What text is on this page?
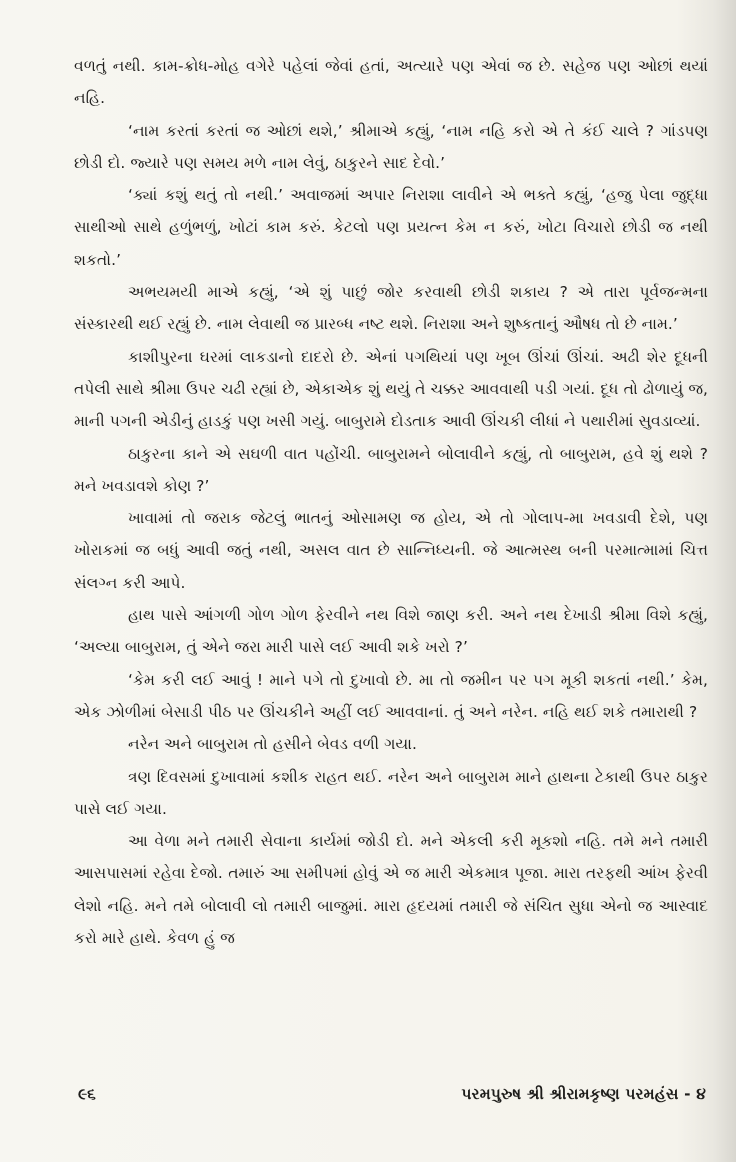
વળતું નથી. કામ-ક્રોધ-મોહ વગેરે પહેલાં જેવાં હતાં, અત્યારે પણ એવાં જ છે. સહેજ પણ ઓછાં થયાં નહિ.

‘નામ કરતાં કરતાં જ ઓછાં થશે,’ શ્રીમાએ કહ્યું, ‘નામ નહિ કરો એ તે કંઈ ચાલે ? ગાંડપણ છોડી દો. જ્યારે પણ સમય મળે નામ લેવું, ઠાકુરને સાદ દેવો.’

‘ક્યાં કશું થતું તો નથી.’ અવાજમાં અપાર નિરાશા લાવીને એ ભક્તે કહ્યું, ‘હજુ પેલા જુદ્ધા સાથીઓ સાથે હળુંભળું, ખોટાં કામ કરું. કેટલો પણ પ્રયત્ન કેમ ન કરું, ખોટા વિચારો છોડી જ નથી શકતો.’

અભયમયી માએ કહ્યું, ‘એ શું પાછું જોર કરવાથી છોડી શકાય ? એ તારા પૂર્વજન્મના સંસ્કારથી થઈ રહ્યું છે. નામ લેવાથી જ પ્રારબ્ધ નષ્ટ થશે. નિરાશા અને શુષ્કતાનું ઔષધ તો છે નામ.’

કાશીપુરના ઘરમાં લાકડાનો દાદરો છે. એનાં પગથિયાં પણ ખૂબ ઊંચાં ઊંચાં. અઢી શેર દૂધની તપેલી સાથે શ્રીમા ઉપર ચઢી રહ્યાં છે, એકાએક શું થયું તે ચક્કર આવવાથી પડી ગયાં. દૂધ તો ઢોળાયું જ, માની પગની એડીનું હાડકું પણ ખસી ગયું. બાબુરામે દોડતાક આવી ઊંચકી લીધાં ને પથારીમાં સુવડાવ્યાં.

ઠાકુરના કાને એ સઘળી વાત પહોંચી. બાબુરામને બોલાવીને કહ્યું, તો બાબુરામ, હવે શું થશે ? મને ખવડાવશે કોણ ?’

ખાવામાં તો જરાક જેટલું ભાતનું ઓસામણ જ હોય, એ તો ગોલાપ-મા ખવડાવી દેશે, પણ ખોરાકમાં જ બધું આવી જતું નથી, અસલ વાત છે સાન્નિધ્યની. જે આત્મસ્થ બની પરમાત્મામાં ચિત્ત સંલગ્ન કરી આપે.

હાથ પાસે આંગળી ગોળ ગોળ ફેરવીને નથ વિશે જાણ કરી. અને નથ દેખાડી શ્રીમા વિશે કહ્યું, ‘અલ્યા બાબુરામ, તું એને જરા મારી પાસે લઈ આવી શકે ખરો ?’

‘કેમ કરી લઈ આવું ! માને પગે તો દુખાવો છે. મા તો જમીન પર પગ મૂકી શકતાં નથી.’ કેમ, એક ઝોળીમાં બેસાડી પીઠ પર ઊંચકીને અહીં લઈ આવવાનાં. તું અને નરેન. નહિ થઈ શકે તમારાથી ?

નરેન અને બાબુરામ તો હસીને બેવડ વળી ગયા.

ત્રણ દિવસમાં દુખાવામાં કશીક રાહત થઈ. નરેન અને બાબુરામ માને હાથના ટેકાથી ઉપર ઠાકુર પાસે લઈ ગયા.

આ વેળા મને તમારી સેવાના કાર્યમાં જોડી દો. મને એકલી કરી મૂકશો નહિ. તમે મને તમારી આસપાસમાં રહેવા દેજો. તમારું આ સમીપમાં હોવું એ જ મારી એકમાત્ર પૂજા. મારા તરફથી આંખ ફેરવી લેશો નહિ. મને તમે બોલાવી લો તમારી બાજુમાં. મારા હૃદયમાં તમારી જે સંચિત સુધા એનો જ આસ્વાદ કરો મારે હાથે. કેવળ હું જ

૯૬	પરમપુરુષ શ્રી શ્રીરામકૃષ્ણ પરમહંસ - ૪
